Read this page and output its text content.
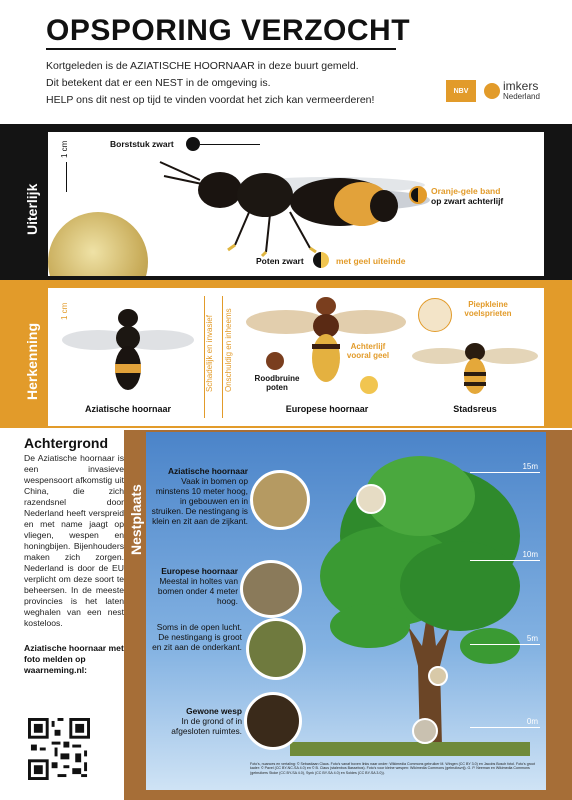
OPSPORING VERZOCHT
Kortgeleden is de AZIATISCHE HOORNAAR in deze buurt gemeld.
Dit betekent dat er een NEST in de omgeving is.
HELP ons dit nest op tijd te vinden voordat het zich kan vermeerderen!
NBV	imkers
Nederland
Uiterlijk
1 cm	Borststuk zwart
Oranje-gele band
op zwart achterlijf
Poten zwart	met geel uiteinde
Herkenning
1 cm
Aziatische hoornaar
Schadelijk en invasief Onschuldig en inheems	Roodbruine poten
Achterlijf vooral geel
Europese hoornaar
Piepkleine voelsprieten
Stadsreus
Achtergrond

De Aziatische hoornaar is een invasieve wespensoort afkomstig uit China, die zich razendsnel door Nederland heeft verspreid en met name jaagt op vliegen, wespen en honingbijen. Bijenhouders maken zich zorgen. Nederland is door de EU verplicht om deze soort te beheersen. In de meeste provincies is het laten weghalen van een nest kosteloos.

Aziatische hoornaar met foto melden op waarneming.nl:
Nestplaats
15m
10m
5m
0m
Aziatische hoornaar
Vaak in bomen op minstens 10 meter hoog, in gebouwen en in struiken. De nestingang is klein en zit aan de zijkant.
Europese hoornaar
Meestal in holtes van bomen onder 4 meter hoog.
Soms in de open lucht. De nestingang is groot en zit aan de onderkant.
Gewone wesp
In de grond of in afgesloten ruimtes.
Foto's, nuances en vertaling: © Sebastiaan Claus. Foto's vanaf boven links naar onder: Wikimedia Commons gebruiker M. Wingen (CC BY 3.0) en Jacobs Bosch fotol. Foto's groot kader: © Pavel (CC BY-NC-SA 4.0) en © B. Claus (stalenbos Bassebos). Foto's voor kleine wespen: Wikimedia Commons (gebruiksvrij). G. P. Neeman en Wikimedia Commons (gebruikers Stoke (CC BY-SA 4.0), Synk (CC BY-SA 4.0) en Soldes (CC BY-SA 3.0)).
